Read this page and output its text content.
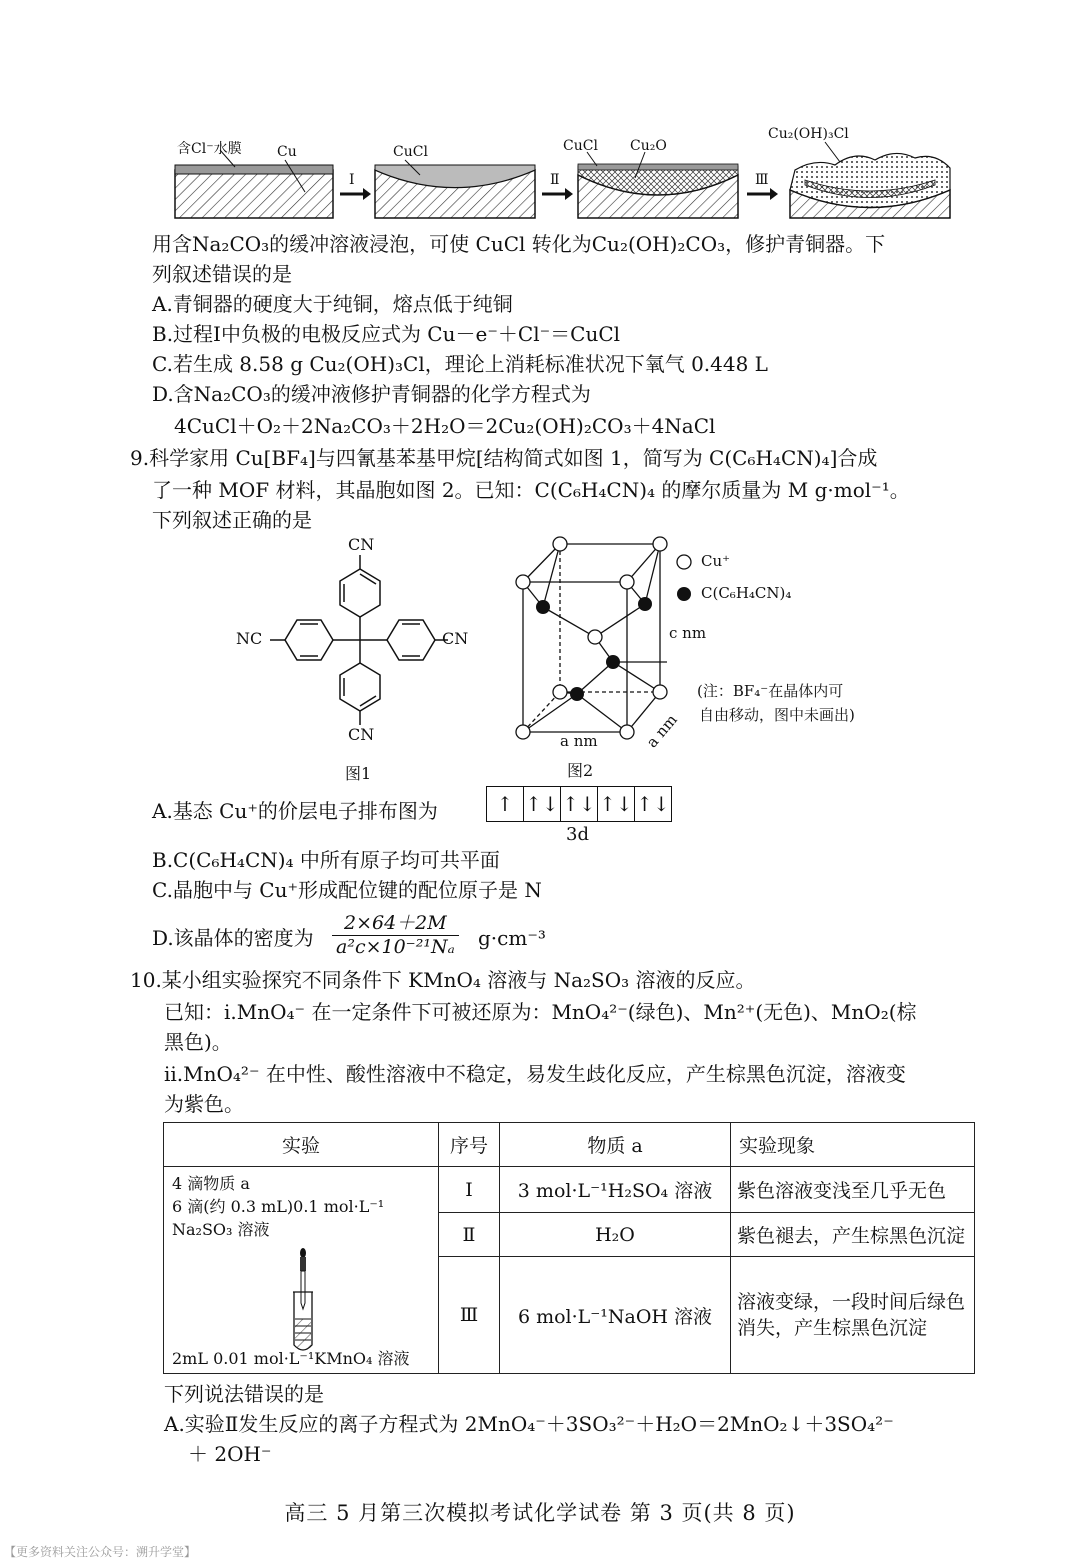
含Cl⁻水膜	Cu	CuCl	CuCl Cu₂O
Cu₂(OH)₃Cl
Ⅰ	Ⅱ	Ⅲ
用含Na₂CO₃的缓冲溶液浸泡，可使 CuCl 转化为Cu₂(OH)₂CO₃，修护青铜器。下
列叙述错误的是
A.青铜器的硬度大于纯铜，熔点低于纯铜
B.过程Ⅰ中负极的电极反应式为 Cu－e⁻＋Cl⁻＝CuCl
C.若生成 8.58 g Cu₂(OH)₃Cl，理论上消耗标准状况下氧气 0.448 L
D.含Na₂CO₃的缓冲液修护青铜器的化学方程式为
4CuCl＋O₂＋2Na₂CO₃＋2H₂O＝2Cu₂(OH)₂CO₃＋4NaCl
9.科学家用 Cu[BF₄]与四氰基苯基甲烷[结构简式如图 1，简写为 C(C₆H₄CN)₄]合成
了一种 MOF 材料，其晶胞如图 2。已知：C(C₆H₄CN)₄ 的摩尔质量为 M g·mol⁻¹。
下列叙述正确的是
CN
CN
NC
CN
图1
Cu⁺
C(C₆H₄CN)₄
c nm
(注：BF₄⁻在晶体内可
自由移动，图中未画出)
a nm	a nm
图2
A.基态 Cu⁺的价层电子排布图为	↑ ↑↓ ↑↓ ↑↓ ↑↓
3d
B.C(C₆H₄CN)₄ 中所有原子均可共平面
C.晶胞中与 Cu⁺形成配位键的配位原子是 N
D.该晶体的密度为
2×64＋2M
a²c×10⁻²¹Nₐ g·cm⁻³
10.某小组实验探究不同条件下 KMnO₄ 溶液与 Na₂SO₃ 溶液的反应。
已知：ⅰ.MnO₄⁻ 在一定条件下可被还原为：MnO₄²⁻(绿色)、Mn²⁺(无色)、MnO₂(棕
黑色)。
ⅱ.MnO₄²⁻ 在中性、酸性溶液中不稳定，易发生歧化反应，产生棕黑色沉淀，溶液变
为紫色。
实验	序号	物质 a	实验现象

4 滴物质 a
6 滴(约 0.3 mL)0.1 mol·L⁻¹
Na₂SO₃ 溶液
2mL 0.01 mol·L⁻¹KMnO₄ 溶液	Ⅰ	3 mol·L⁻¹H₂SO₄ 溶液	紫色溶液变浅至几乎无色
	Ⅱ	H₂O	紫色褪去，产生棕黑色沉淀
	Ⅲ	6 mol·L⁻¹NaOH 溶液	溶液变绿，一段时间后绿色消失，产生棕黑色沉淀
下列说法错误的是
A.实验Ⅱ发生反应的离子方程式为 2MnO₄⁻＋3SO₃²⁻＋H₂O＝2MnO₂↓＋3SO₄²⁻
＋ 2OH⁻
高三 5 月第三次模拟考试化学试卷 第 3 页(共 8 页)
【更多资料关注公众号：溯升学堂】
